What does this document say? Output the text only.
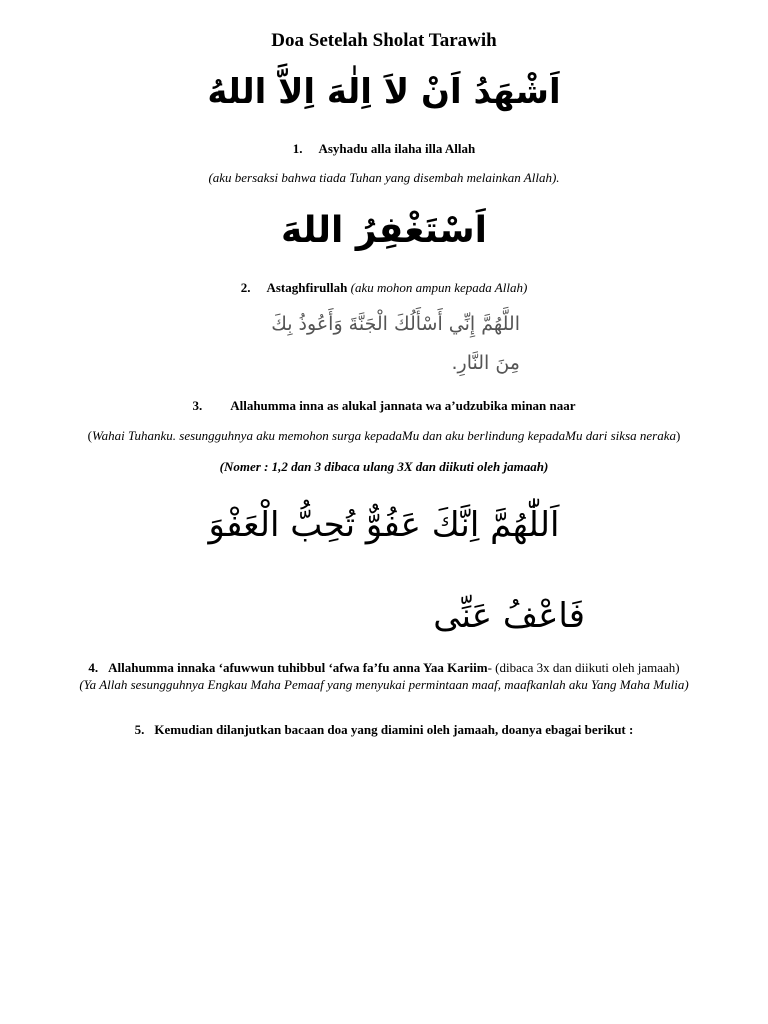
Doa Setelah Sholat Tarawih
اَشْهَدُ اَنْ لاَ اِلٰهَ اِلاَّ اللهُ
1. Asyhadu alla ilaha illa Allah
(aku bersaksi bahwa tiada Tuhan yang disembah melainkan Allah).
اَسْتَغْفِرُ اللهَ
2. Astaghfirullah (aku mohon ampun kepada Allah)
اللَّهُمَّ إِنِّي أَسْأَلُكَ الْجَنَّةَ وَأَعُوذُ بِكَ
مِنَ النَّارِ.
3. Allahumma inna as alukal jannata wa a’udzubika minan naar
(Wahai Tuhanku. sesungguhnya aku memohon surga kepadaMu dan aku berlindung kepadaMu dari siksa neraka)
(Nomer : 1,2 dan 3 dibaca ulang 3X dan diikuti oleh jamaah)
اَللّٰهُمَّ اِنَّكَ عَفُوٌّ تُحِبُّ الْعَفْوَ
فَاعْفُ عَنِّى
4. Allahumma innaka ‘afuwwun tuhibbul ‘afwa fa’fu anna Yaa Kariim- (dibaca 3x dan diikuti oleh jamaah)
(Ya Allah sesungguhnya Engkau Maha Pemaaf yang menyukai permintaan maaf, maafkanlah aku Yang Maha Mulia)
5. Kemudian dilanjutkan bacaan doa yang diamini oleh jamaah, doanya ebagai berikut :
